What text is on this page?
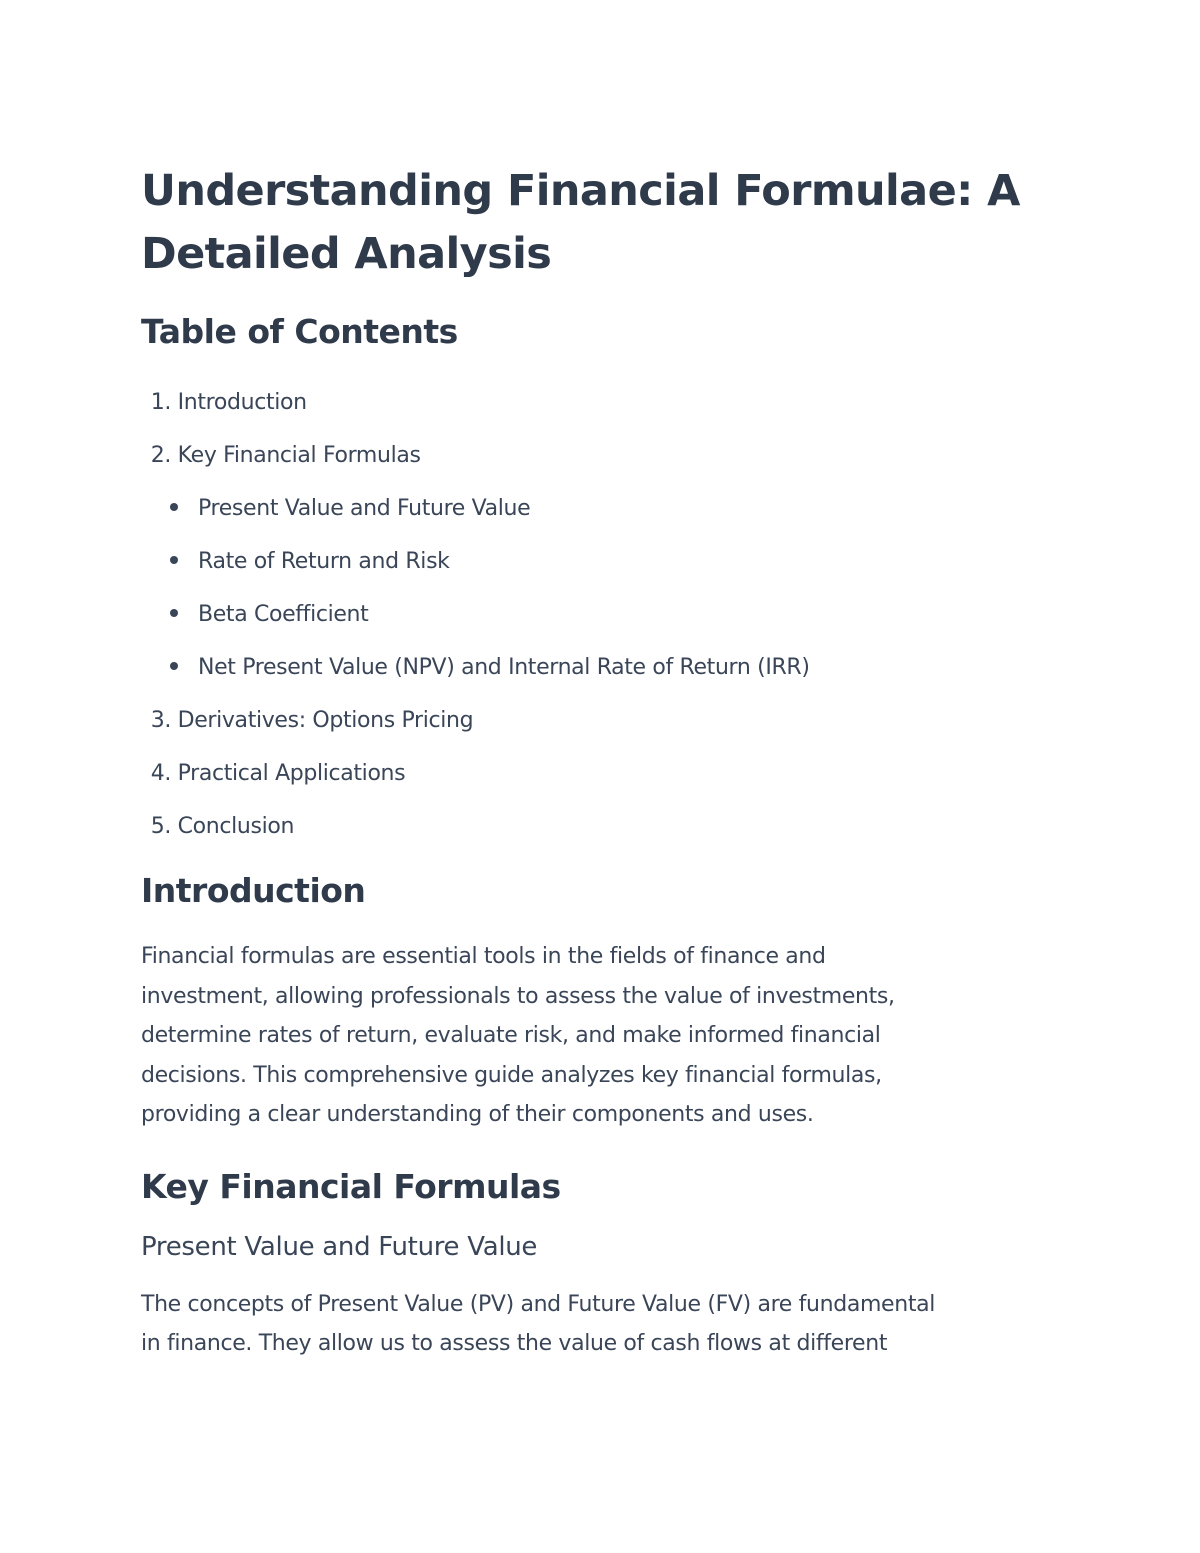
Understanding Financial Formulae: A Detailed Analysis
Table of Contents
1. Introduction
2. Key Financial Formulas
Present Value and Future Value
Rate of Return and Risk
Beta Coefficient
Net Present Value (NPV) and Internal Rate of Return (IRR)
3. Derivatives: Options Pricing
4. Practical Applications
5. Conclusion
Introduction

Financial formulas are essential tools in the fields of finance and
investment, allowing professionals to assess the value of investments,
determine rates of return, evaluate risk, and make informed financial
decisions. This comprehensive guide analyzes key financial formulas,
providing a clear understanding of their components and uses.

Key Financial Formulas
Present Value and Future Value

The concepts of Present Value (PV) and Future Value (FV) are fundamental
in finance. They allow us to assess the value of cash flows at different
